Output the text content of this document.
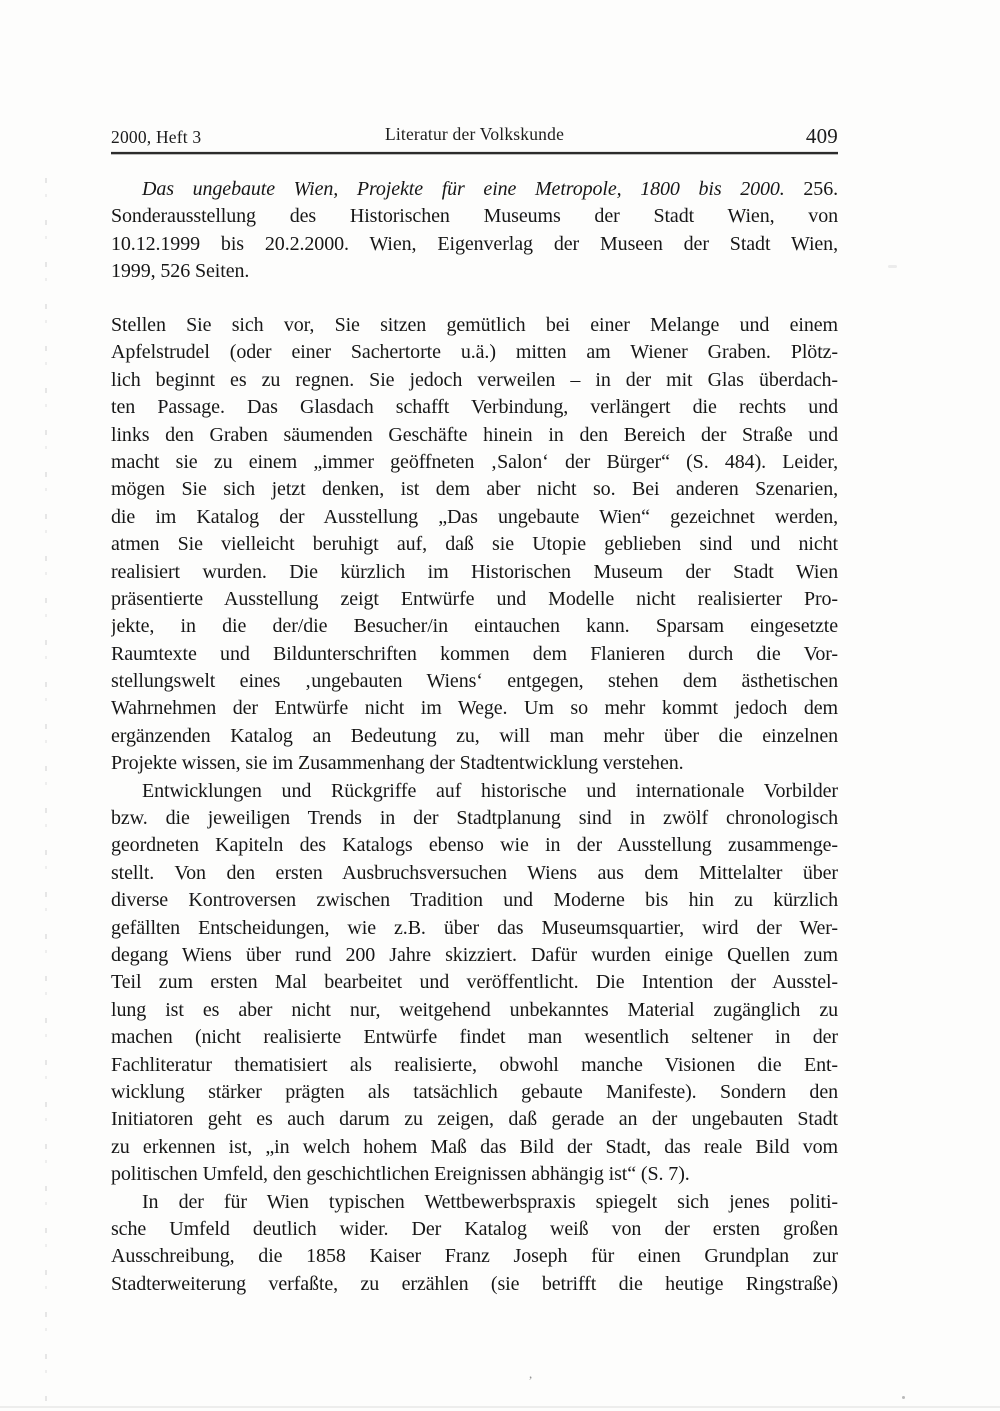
Literatur der Volkskunde
2000, Heft 3	409
Das ungebaute Wien, Projekte für eine Metropole, 1800 bis 2000. 256.
Sonderausstellung des Historischen Museums der Stadt Wien, von
10.12.1999 bis 20.2.2000. Wien, Eigenverlag der Museen der Stadt Wien,
1999, 526 Seiten.
Stellen Sie sich vor, Sie sitzen gemütlich bei einer Melange und einem
Apfelstrudel (oder einer Sachertorte u.ä.) mitten am Wiener Graben. Plötz-
lich beginnt es zu regnen. Sie jedoch verweilen – in der mit Glas überdach-
ten Passage. Das Glasdach schafft Verbindung, verlängert die rechts und
links den Graben säumenden Geschäfte hinein in den Bereich der Straße und
macht sie zu einem „immer geöffneten ‚Salon‘ der Bürger“ (S. 484). Leider,
mögen Sie sich jetzt denken, ist dem aber nicht so. Bei anderen Szenarien,
die im Katalog der Ausstellung „Das ungebaute Wien“ gezeichnet werden,
atmen Sie vielleicht beruhigt auf, daß sie Utopie geblieben sind und nicht
realisiert wurden. Die kürzlich im Historischen Museum der Stadt Wien
präsentierte Ausstellung zeigt Entwürfe und Modelle nicht realisierter Pro-
jekte, in die der/die Besucher/in eintauchen kann. Sparsam eingesetzte
Raumtexte und Bildunterschriften kommen dem Flanieren durch die Vor-
stellungswelt eines ‚ungebauten Wiens‘ entgegen, stehen dem ästhetischen
Wahrnehmen der Entwürfe nicht im Wege. Um so mehr kommt jedoch dem
ergänzenden Katalog an Bedeutung zu, will man mehr über die einzelnen
Projekte wissen, sie im Zusammenhang der Stadtentwicklung verstehen.
Entwicklungen und Rückgriffe auf historische und internationale Vorbilder
bzw. die jeweiligen Trends in der Stadtplanung sind in zwölf chronologisch
geordneten Kapiteln des Katalogs ebenso wie in der Ausstellung zusammenge-
stellt. Von den ersten Ausbruchsversuchen Wiens aus dem Mittelalter über
diverse Kontroversen zwischen Tradition und Moderne bis hin zu kürzlich
gefällten Entscheidungen, wie z.B. über das Museumsquartier, wird der Wer-
degang Wiens über rund 200 Jahre skizziert. Dafür wurden einige Quellen zum
Teil zum ersten Mal bearbeitet und veröffentlicht. Die Intention der Ausstel-
lung ist es aber nicht nur, weitgehend unbekanntes Material zugänglich zu
machen (nicht realisierte Entwürfe findet man wesentlich seltener in der
Fachliteratur thematisiert als realisierte, obwohl manche Visionen die Ent-
wicklung stärker prägten als tatsächlich gebaute Manifeste). Sondern den
Initiatoren geht es auch darum zu zeigen, daß gerade an der ungebauten Stadt
zu erkennen ist, „in welch hohem Maß das Bild der Stadt, das reale Bild vom
politischen Umfeld, den geschichtlichen Ereignissen abhängig ist“ (S. 7).
In der für Wien typischen Wettbewerbspraxis spiegelt sich jenes politi-
sche Umfeld deutlich wider. Der Katalog weiß von der ersten großen
Ausschreibung, die 1858 Kaiser Franz Joseph für einen Grundplan zur
Stadterweiterung verfaßte, zu erzählen (sie betrifft die heutige Ringstraße)
,
